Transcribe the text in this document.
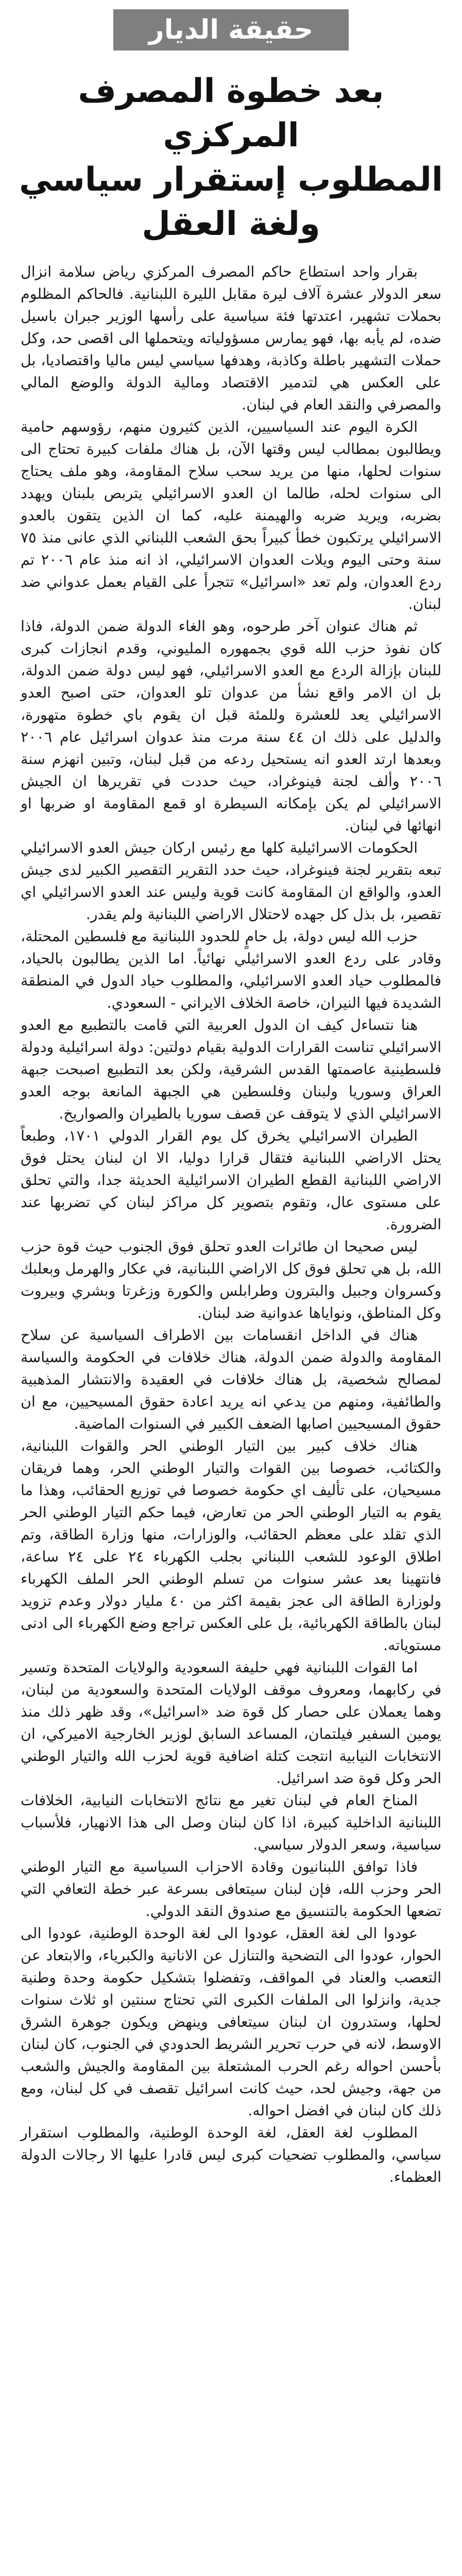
حقيقة الديار
بعد خطوة المصرف المركزي
المطلوب إستقرار سياسي ولغة العقل

بقرار واحد استطاع حاكم المصرف المركزي رياض سلامة انزال سعر الدولار عشرة آلاف ليرة مقابل الليرة اللبنانية. فالحاكم المظلوم بحملات تشهير، اعتدتها فئة سياسية على رأسها الوزير جبران باسيل ضده، لم يأبه بها، فهو يمارس مسؤولياته ويتحملها الى اقصى حد، وكل حملات التشهير باطلة وكاذبة، وهدفها سياسي ليس ماليا واقتصاديا، بل على العكس هي لتدمير الاقتصاد ومالية الدولة والوضع المالي والمصرفي والنقد العام في لبنان.

الكرة اليوم عند السياسيين، الذين كثيرون منهم، رؤوسهم حامية ويطالبون بمطالب ليس وقتها الآن، بل هناك ملفات كبيرة تحتاج الى سنوات لحلها، منها من يريد سحب سلاح المقاومة، وهو ملف يحتاج الى سنوات لحله، طالما ان العدو الاسرائيلي يتربص بلبنان ويهدد بضربه، ويريد ضربه والهيمنة عليه، كما ان الذين يتقون بالعدو الاسرائيلي يرتكبون خطأ كبيراً بحق الشعب اللبناني الذي عانى منذ ٧٥ سنة وحتى اليوم ويلات العدوان الاسرائيلي، اذ انه منذ عام ٢٠٠٦ تم ردع العدوان، ولم تعد «اسرائيل» تتجرأ على القيام بعمل عدواني ضد لبنان.

ثم هناك عنوان آخر طرحوه، وهو الغاء الدولة ضمن الدولة، فاذا كان نفوذ حزب الله قوي بجمهوره المليوني، وقدم انجازات كبرى للبنان بإزالة الردع مع العدو الاسرائيلي، فهو ليس دولة ضمن الدولة، بل ان الامر واقع نشأ من عدوان تلو العدوان، حتى اصبح العدو الاسرائيلي يعد للعشرة وللمئة قبل ان يقوم باي خطوة متهورة، والدليل على ذلك ان ٤٤ سنة مرت منذ عدوان اسرائيل عام ٢٠٠٦ وبعدها ارتد العدو انه يستحيل ردعه من قبل لبنان، وتبين انهزم سنة ٢٠٠٦ وألف لجنة فينوغراد، حيث حددت في تقريرها ان الجيش الاسرائيلي لم يكن بإمكانه السيطرة او قمع المقاومة او ضربها او انهائها في لبنان.

الحكومات الاسرائيلية كلها مع رئيس اركان جيش العدو الاسرائيلي تبعه بتقرير لجنة فينوغراد، حيث حدد التقرير التقصير الكبير لدى جيش العدو، والواقع ان المقاومة كانت قوية وليس عند العدو الاسرائيلي اي تقصير، بل بذل كل جهده لاحتلال الاراضي اللبنانية ولم يقدر.

حزب الله ليس دولة، بل حامٍ للحدود اللبنانية مع فلسطين المحتلة، وقادر على ردع العدو الاسرائيلي نهائياً. اما الذين يطالبون بالحياد، فالمطلوب حياد العدو الاسرائيلي، والمطلوب حياد الدول في المنطقة الشديدة فيها النيران، خاصة الخلاف الايراني - السعودي.

هنا نتساءل كيف ان الدول العربية التي قامت بالتطبيع مع العدو الاسرائيلي تناست القرارات الدولية بقيام دولتين: دولة اسرائيلية ودولة فلسطينية عاصمتها القدس الشرقية، ولكن بعد التطبيع اصبحت جبهة العراق وسوريا ولبنان وفلسطين هي الجبهة المانعة بوجه العدو الاسرائيلي الذي لا يتوقف عن قصف سوريا بالطيران والصواريخ.

الطيران الاسرائيلي يخرق كل يوم القرار الدولي ١٧٠١، وطبعاً يحتل الاراضي اللبنانية فتقال قرارا دوليا، الا ان لبنان يحتل فوق الاراضي اللبنانية القطع الطيران الاسرائيلية الحديثة جدا، والتي تحلق على مستوى عال، وتقوم بتصوير كل مراكز لبنان كي تضربها عند الضرورة.

ليس صحيحا ان طائرات العدو تحلق فوق الجنوب حيث قوة حزب الله، بل هي تحلق فوق كل الاراضي اللبنانية، في عكار والهرمل وبعلبك وكسروان وجبيل والبترون وطرابلس والكورة وزغرتا وبشري وبيروت وكل المناطق، ونواياها عدوانية ضد لبنان.

هناك في الداخل انقسامات بين الاطراف السياسية عن سلاح المقاومة والدولة ضمن الدولة، هناك خلافات في الحكومة والسياسة لمصالح شخصية، بل هناك خلافات في العقيدة والانتشار المذهبية والطائفية، ومنهم من يدعي انه يريد اعادة حقوق المسيحيين، مع ان حقوق المسيحيين اصابها الضعف الكبير في السنوات الماضية.

هناك خلاف كبير بين التيار الوطني الحر والقوات اللبنانية، والكتائب، خصوصا بين القوات والتيار الوطني الحر، وهما فريقان مسيحيان، على تأليف اي حكومة خصوصا في توزيع الحقائب، وهذا ما يقوم به التيار الوطني الحر من تعارض، فيما حكم التيار الوطني الحر الذي تقلد على معظم الحقائب، والوزارات، منها وزارة الطاقة، وتم اطلاق الوعود للشعب اللبناني بجلب الكهرباء ٢٤ على ٢٤ ساعة، فانتهينا بعد عشر سنوات من تسلم الوطني الحر الملف الكهرباء ولوزارة الطاقة الى عجز بقيمة اكثر من ٤٠ مليار دولار وعدم تزويد لبنان بالطاقة الكهربائية، بل على العكس تراجع وضع الكهرباء الى ادنى مستوياته.

اما القوات اللبنانية فهي حليفة السعودية والولايات المتحدة وتسير في ركابهما، ومعروف موقف الولايات المتحدة والسعودية من لبنان، وهما يعملان على حصار كل قوة ضد «اسرائيل»، وقد ظهر ذلك منذ يومين السفير فيلتمان، المساعد السابق لوزير الخارجية الاميركي، ان الانتخابات النيابية انتجت كتلة اضافية قوية لحزب الله والتيار الوطني الحر وكل قوة ضد اسرائيل.

المناخ العام في لبنان تغير مع نتائج الانتخابات النيابية، الخلافات اللبنانية الداخلية كبيرة، اذا كان لبنان وصل الى هذا الانهيار، فلأسباب سياسية، وسعر الدولار سياسي.

فاذا توافق اللبنانيون وقادة الاحزاب السياسية مع التيار الوطني الحر وحزب الله، فإن لبنان سيتعافى بسرعة عبر خطة التعافي التي تضعها الحكومة بالتنسيق مع صندوق النقد الدولي.

عودوا الى لغة العقل، عودوا الى لغة الوحدة الوطنية، عودوا الى الحوار، عودوا الى التضحية والتنازل عن الانانية والكبرياء، والابتعاد عن التعصب والعناد في المواقف، وتفضلوا بتشكيل حكومة وحدة وطنية جدية، وانزلوا الى الملفات الكبرى التي تحتاج سنتين او ثلاث سنوات لحلها، وستدرون ان لبنان سيتعافى وينهض ويكون جوهرة الشرق الاوسط، لانه في حرب تحرير الشريط الحدودي في الجنوب، كان لبنان بأحسن احواله رغم الحرب المشتعلة بين المقاومة والجيش والشعب من جهة، وجيش لحد، حيث كانت اسرائيل تقصف في كل لبنان، ومع ذلك كان لبنان في افضل احواله.

المطلوب لغة العقل، لغة الوحدة الوطنية، والمطلوب استقرار سياسي، والمطلوب تضحيات كبرى ليس قادرا عليها الا رجالات الدولة العظماء.
